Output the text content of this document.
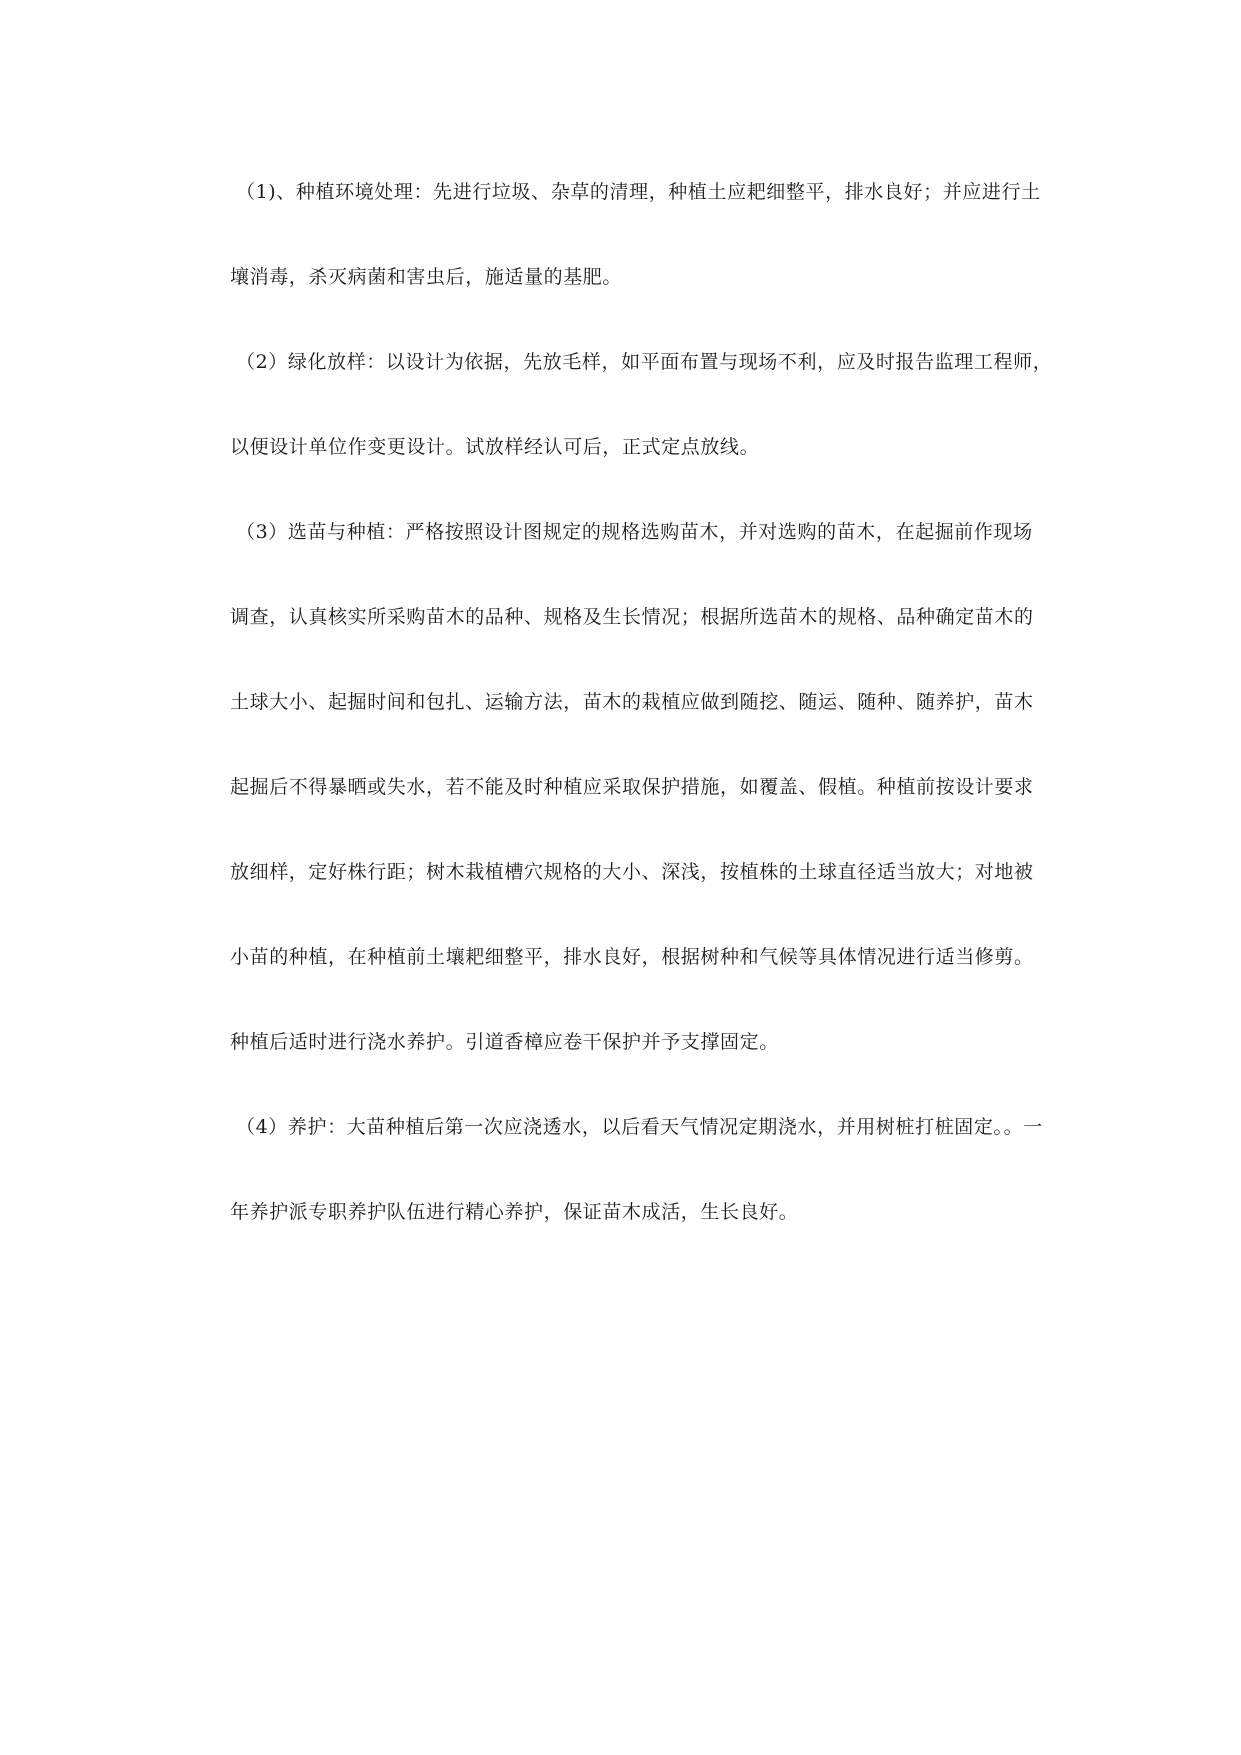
（1)、种植环境处理：先进行垃圾、杂草的清理，种植土应耙细整平，排水良好；并应进行土
壤消毒，杀灭病菌和害虫后，施适量的基肥。
（2）绿化放样：以设计为依据，先放毛样，如平面布置与现场不利，应及时报告监理工程师，
以便设计单位作变更设计。试放样经认可后，正式定点放线。
（3）选苗与种植：严格按照设计图规定的规格选购苗木，并对选购的苗木，在起掘前作现场
调查，认真核实所采购苗木的品种、规格及生长情况；根据所选苗木的规格、品种确定苗木的
土球大小、起掘时间和包扎、运输方法，苗木的栽植应做到随挖、随运、随种、随养护，苗木
起掘后不得暴晒或失水，若不能及时种植应采取保护措施，如覆盖、假植。种植前按设计要求
放细样，定好株行距；树木栽植槽穴规格的大小、深浅，按植株的土球直径适当放大；对地被
小苗的种植，在种植前土壤耙细整平，排水良好，根据树种和气候等具体情况进行适当修剪。
种植后适时进行浇水养护。引道香樟应卷干保护并予支撑固定。
（4）养护：大苗种植后第一次应浇透水，以后看天气情况定期浇水，并用树桩打桩固定。。一
年养护派专职养护队伍进行精心养护，保证苗木成活，生长良好。
